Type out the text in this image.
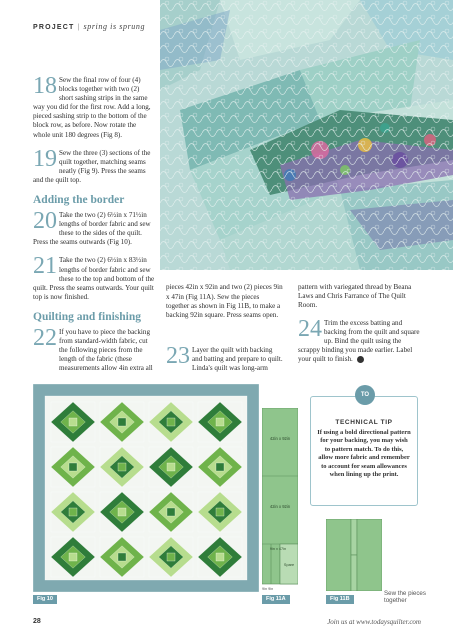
PROJECT | spring is sprung
18 Sew the final row of four (4) blocks together with two (2) short sashing strips in the same way you did for the first row. Add a long, pieced sashing strip to the bottom of the block row, as before. Now rotate the whole unit 180 degrees (Fig 8).
19 Sew the three (3) sections of the quilt together, matching seams neatly (Fig 9). Press the seams and the quilt top.
Adding the border
20 Take the two (2) 6½in x 71½in lengths of border fabric and sew these to the sides of the quilt. Press the seams outwards (Fig 10).
21 Take the two (2) 6½in x 83½in lengths of border fabric and sew these to the top and bottom of the quilt. Press the seams outwards. Your quilt top is now finished.
Quilting and finishing
22 If you have to piece the backing from standard-width fabric, cut the following pieces from the length of the fabric (these measurements allow 4in extra all
pieces 42in x 92in and two (2) pieces 9in x 47in (Fig 11A). Sew the pieces together as shown in Fig 11B, to make a backing 92in square. Press seams open.
23 Layer the quilt with backing and batting and prepare to quilt. Linda's quilt was long-arm
pattern with variegated thread by Beana Laws and Chris Farrance of The Quilt Room.
24 Trim the excess batting and backing from the quilt and square up. Bind the quilt using the scrappy binding you made earlier. Label your quilt to finish.
Fig 10
42in x 92in
42in x 92in
9in x 47in
Spare
9in 9in
Fig 11A
TO
TECHNICAL TIP
If using a bold directional pattern for your backing, you may wish to pattern match. To do this, allow more fabric and remember to account for seam allowances when lining up the print.
Fig 11B
Sew the pieces together
28	Join us at www.todaysquilter.com
